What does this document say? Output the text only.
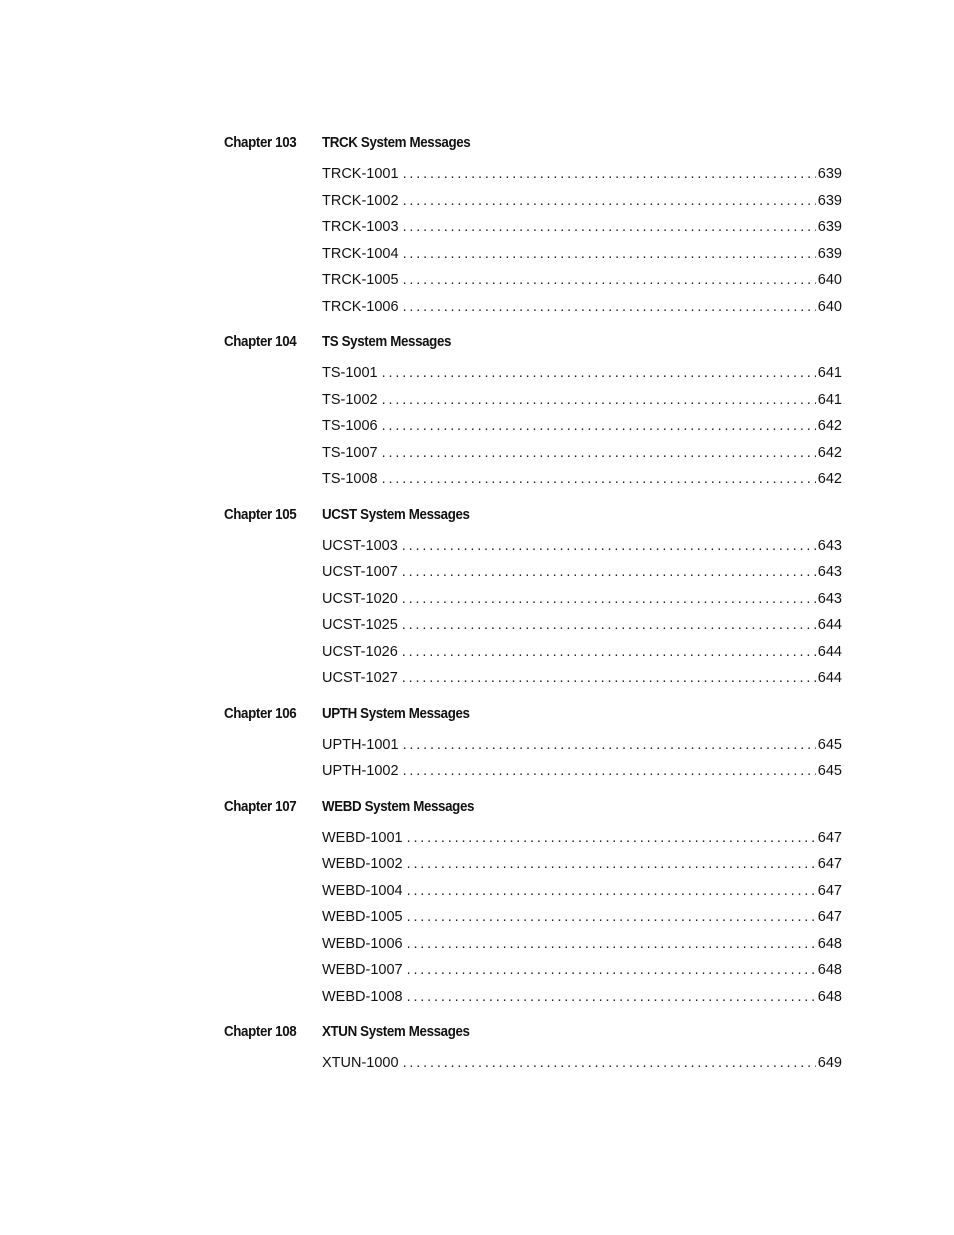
Chapter 103	TRCK System Messages
TRCK-1001 . . .	639
TRCK-1002 . . .	639
TRCK-1003 . . .	639
TRCK-1004 . . .	639
TRCK-1005 . . .	640
TRCK-1006 . . .	640
Chapter 104	TS System Messages
TS-1001 . . .	641
TS-1002 . . .	641
TS-1006 . . .	642
TS-1007 . . .	642
TS-1008 . . .	642
Chapter 105	UCST System Messages
UCST-1003 . . .	643
UCST-1007 . . .	643
UCST-1020 . . .	643
UCST-1025 . . .	644
UCST-1026 . . .	644
UCST-1027 . . .	644
Chapter 106	UPTH System Messages
UPTH-1001 . . .	645
UPTH-1002 . . .	645
Chapter 107	WEBD System Messages
WEBD-1001 . . .	647
WEBD-1002 . . .	647
WEBD-1004 . . .	647
WEBD-1005 . . .	647
WEBD-1006 . . .	648
WEBD-1007 . . .	648
WEBD-1008 . . .	648
Chapter 108	XTUN System Messages
XTUN-1000 . . .	649
